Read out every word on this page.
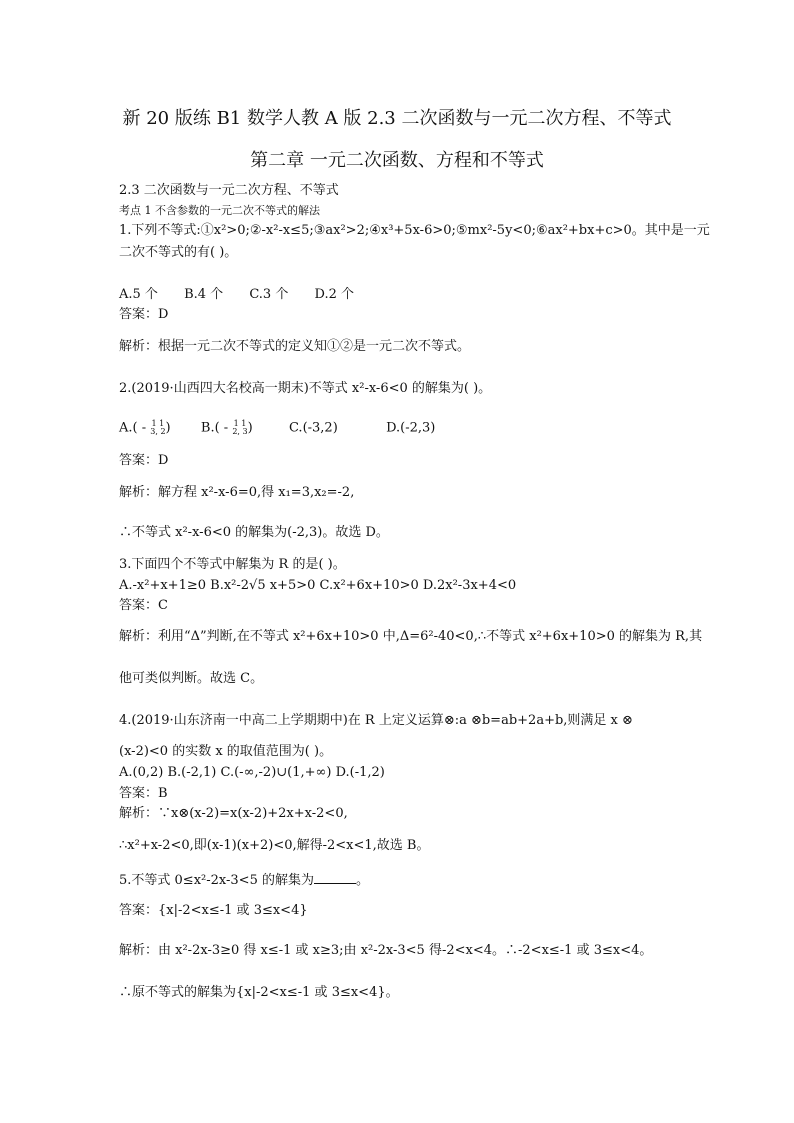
新 20 版练 B1 数学人教 A 版 2.3 二次函数与一元二次方程、不等式
第二章 一元二次函数、方程和不等式
2.3 二次函数与一元二次方程、不等式
考点 1 不含参数的一元二次不等式的解法
1.下列不等式:①x²>0;②-x²-x≤5;③ax²>2;④x³+5x-6>0;⑤mx²-5y<0;⑥ax²+bx+c>0。其中是一元
二次不等式的有( )。
A.5 个 B.4 个 C.3 个 D.2 个
答案：D
解析：根据一元二次不等式的定义知①②是一元二次不等式。
2.(2019·山西四大名校高一期末)不等式 x²-x-6<0 的解集为( )。
A.( - 1 1
3, 2) B.( - 1 1
2, 3)	C.(-3,2)	D.(-2,3)
答案：D
解析：解方程 x²-x-6=0,得 x₁=3,x₂=-2,
∴不等式 x²-x-6<0 的解集为(-2,3)。故选 D。
3.下面四个不等式中解集为 R 的是( )。
A.-x²+x+1≥0 B.x²-2√5 x+5>0 C.x²+6x+10>0 D.2x²-3x+4<0
答案：C
解析：利用“Δ”判断,在不等式 x²+6x+10>0 中,Δ=6²-40<0,∴不等式 x²+6x+10>0 的解集为 R,其
他可类似判断。故选 C。
4.(2019·山东济南一中高二上学期期中)在 R 上定义运算⊗:a ⊗b=ab+2a+b,则满足 x ⊗
(x-2)<0 的实数 x 的取值范围为( )。
A.(0,2) B.(-2,1) C.(-∞,-2)∪(1,+∞) D.(-1,2)
答案：B
解析：∵x⊗(x-2)=x(x-2)+2x+x-2<0,
∴x²+x-2<0,即(x-1)(x+2)<0,解得-2<x<1,故选 B。
5.不等式 0≤x²-2x-3<5 的解集为	。
答案：{x|-2<x≤-1 或 3≤x<4}
解析：由 x²-2x-3≥0 得 x≤-1 或 x≥3;由 x²-2x-3<5 得-2<x<4。∴-2<x≤-1 或 3≤x<4。
∴原不等式的解集为{x|-2<x≤-1 或 3≤x<4}。
